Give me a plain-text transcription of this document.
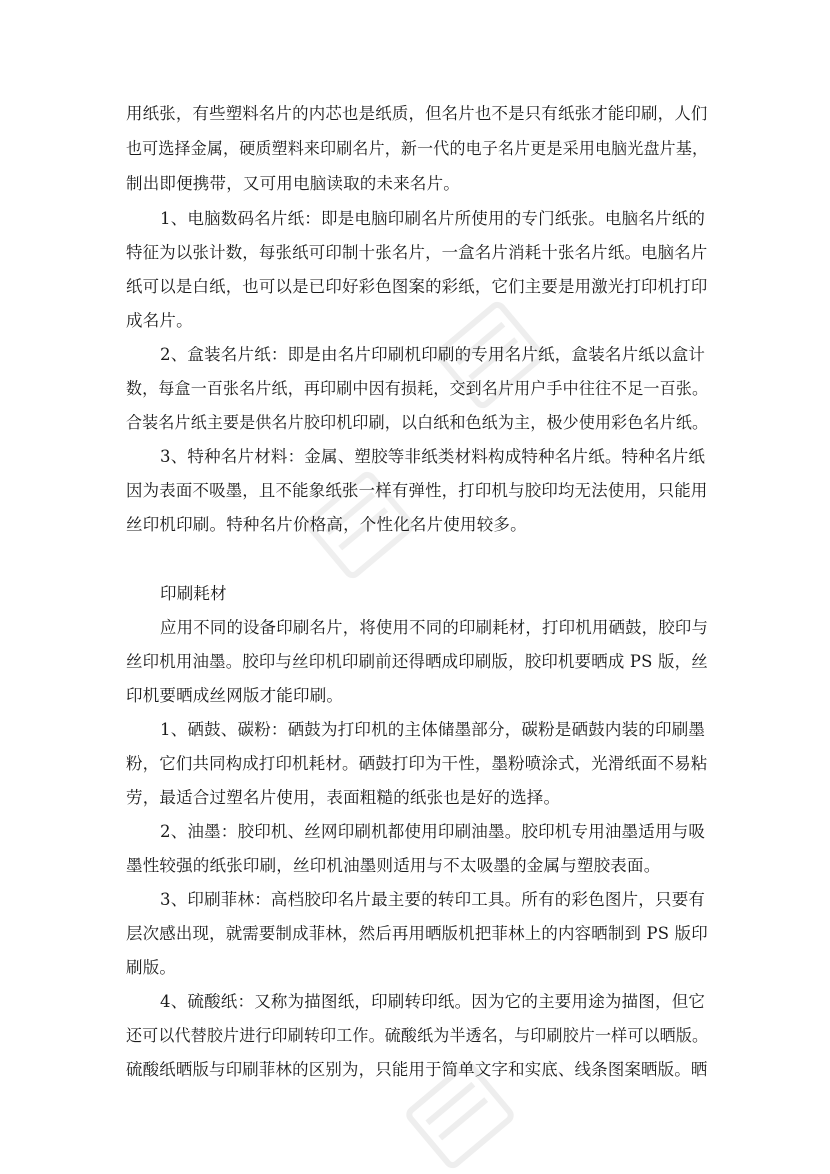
用纸张，有些塑料名片的内芯也是纸质，但名片也不是只有纸张才能印刷，人们
也可选择金属，硬质塑料来印刷名片，新一代的电子名片更是采用电脑光盘片基，
制出即便携带，又可用电脑读取的未来名片。
1、电脑数码名片纸：即是电脑印刷名片所使用的专门纸张。电脑名片纸的
特征为以张计数，每张纸可印制十张名片，一盒名片消耗十张名片纸。电脑名片
纸可以是白纸，也可以是已印好彩色图案的彩纸，它们主要是用激光打印机打印
成名片。
2、盒装名片纸：即是由名片印刷机印刷的专用名片纸，盒装名片纸以盒计
数，每盒一百张名片纸，再印刷中因有损耗，交到名片用户手中往往不足一百张。
合装名片纸主要是供名片胶印机印刷，以白纸和色纸为主，极少使用彩色名片纸。
3、特种名片材料：金属、塑胶等非纸类材料构成特种名片纸。特种名片纸
因为表面不吸墨，且不能象纸张一样有弹性，打印机与胶印均无法使用，只能用
丝印机印刷。特种名片价格高，个性化名片使用较多。
印刷耗材
应用不同的设备印刷名片，将使用不同的印刷耗材，打印机用硒鼓，胶印与
丝印机用油墨。胶印与丝印机印刷前还得晒成印刷版，胶印机要晒成 PS 版，丝
印机要晒成丝网版才能印刷。
1、硒鼓、碳粉：硒鼓为打印机的主体储墨部分，碳粉是硒鼓内装的印刷墨
粉，它们共同构成打印机耗材。硒鼓打印为干性，墨粉喷涂式，光滑纸面不易粘
劳，最适合过塑名片使用，表面粗糙的纸张也是好的选择。
2、油墨：胶印机、丝网印刷机都使用印刷油墨。胶印机专用油墨适用与吸
墨性较强的纸张印刷，丝印机油墨则适用与不太吸墨的金属与塑胶表面。
3、印刷菲林：高档胶印名片最主要的转印工具。所有的彩色图片，只要有
层次感出现，就需要制成菲林，然后再用晒版机把菲林上的内容晒制到 PS 版印
刷版。
4、硫酸纸：又称为描图纸，印刷转印纸。因为它的主要用途为描图，但它
还可以代替胶片进行印刷转印工作。硫酸纸为半透名，与印刷胶片一样可以晒版。
硫酸纸晒版与印刷菲林的区别为，只能用于简单文字和实底、线条图案晒版。晒
